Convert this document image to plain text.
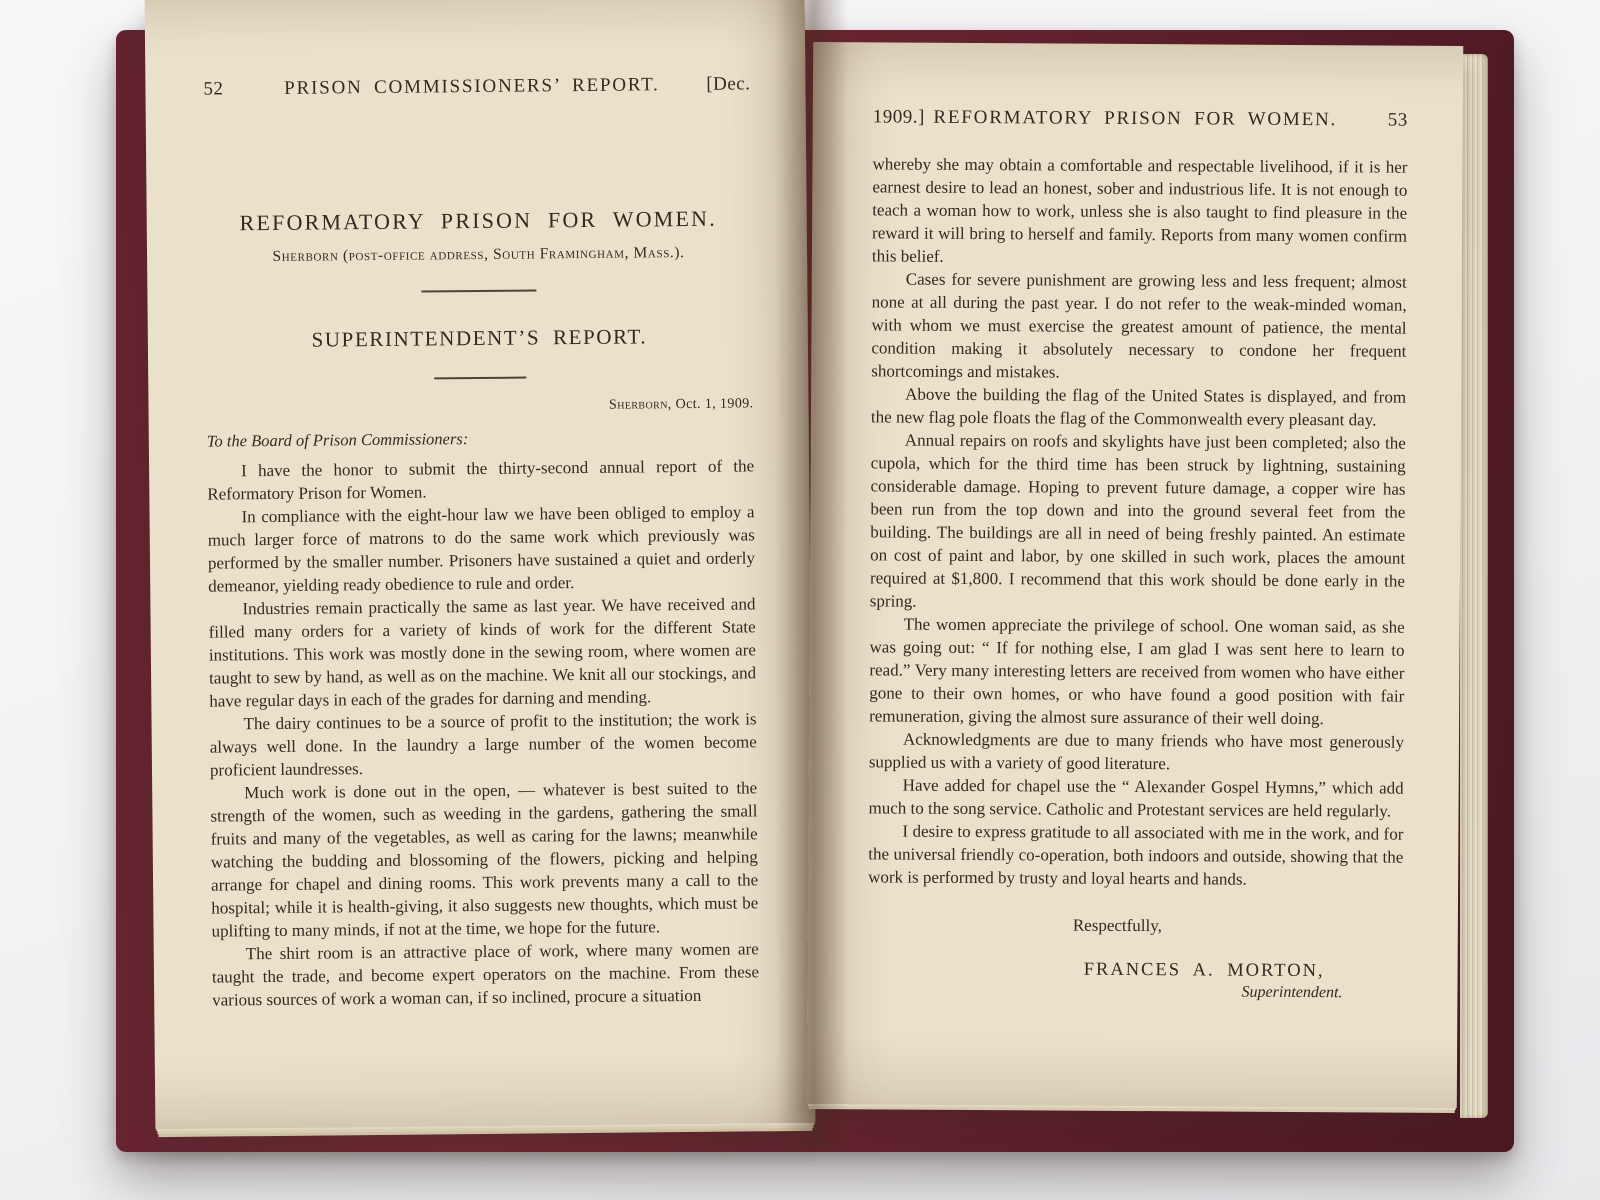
52	PRISON COMMISSIONERS’ REPORT.	[Dec.
REFORMATORY PRISON FOR WOMEN.
Sherborn (post-office address, South Framingham, Mass.).
SUPERINTENDENT’S REPORT.
Sherborn, Oct. 1, 1909.
To the Board of Prison Commissioners:

I have the honor to submit the thirty-second annual report of the Reformatory Prison for Women.

In compliance with the eight-hour law we have been obliged to employ a much larger force of matrons to do the same work which previously was performed by the smaller number. Prisoners have sustained a quiet and orderly demeanor, yielding ready obedience to rule and order.

Industries remain practically the same as last year. We have received and filled many orders for a variety of kinds of work for the different State institutions. This work was mostly done in the sewing room, where women are taught to sew by hand, as well as on the machine. We knit all our stockings, and have regular days in each of the grades for darning and mending.

The dairy continues to be a source of profit to the institution; the work is always well done. In the laundry a large number of the women become proficient laundresses.

Much work is done out in the open, — whatever is best suited to the strength of the women, such as weeding in the gardens, gathering the small fruits and many of the vegetables, as well as caring for the lawns; meanwhile watching the budding and blossoming of the flowers, picking and helping arrange for chapel and dining rooms. This work prevents many a call to the hospital; while it is health-giving, it also suggests new thoughts, which must be uplifting to many minds, if not at the time, we hope for the future.

The shirt room is an attractive place of work, where many women are taught the trade, and become expert operators on the machine. From these various sources of work a woman can, if so inclined, procure a situation

1909.] REFORMATORY PRISON FOR WOMEN.	53

whereby she may obtain a comfortable and respectable livelihood, if it is her earnest desire to lead an honest, sober and industrious life. It is not enough to teach a woman how to work, unless she is also taught to find pleasure in the reward it will bring to herself and family. Reports from many women confirm this belief.

Cases for severe punishment are growing less and less frequent; almost none at all during the past year. I do not refer to the weak-minded woman, with whom we must exercise the greatest amount of patience, the mental condition making it absolutely necessary to condone her frequent shortcomings and mistakes.

Above the building the flag of the United States is displayed, and from the new flag pole floats the flag of the Commonwealth every pleasant day.

Annual repairs on roofs and skylights have just been completed; also the cupola, which for the third time has been struck by lightning, sustaining considerable damage. Hoping to prevent future damage, a copper wire has been run from the top down and into the ground several feet from the building. The buildings are all in need of being freshly painted. An estimate on cost of paint and labor, by one skilled in such work, places the amount required at $1,800. I recommend that this work should be done early in the spring.

The women appreciate the privilege of school. One woman said, as she was going out: “ If for nothing else, I am glad I was sent here to learn to read.” Very many interesting letters are received from women who have either gone to their own homes, or who have found a good position with fair remuneration, giving the almost sure assurance of their well doing.

Acknowledgments are due to many friends who have most generously supplied us with a variety of good literature.

Have added for chapel use the “ Alexander Gospel Hymns,” which add much to the song service. Catholic and Protestant services are held regularly.

I desire to express gratitude to all associated with me in the work, and for the universal friendly co-operation, both indoors and outside, showing that the work is performed by trusty and loyal hearts and hands.

Respectfully,
FRANCES A. MORTON,
Superintendent.
